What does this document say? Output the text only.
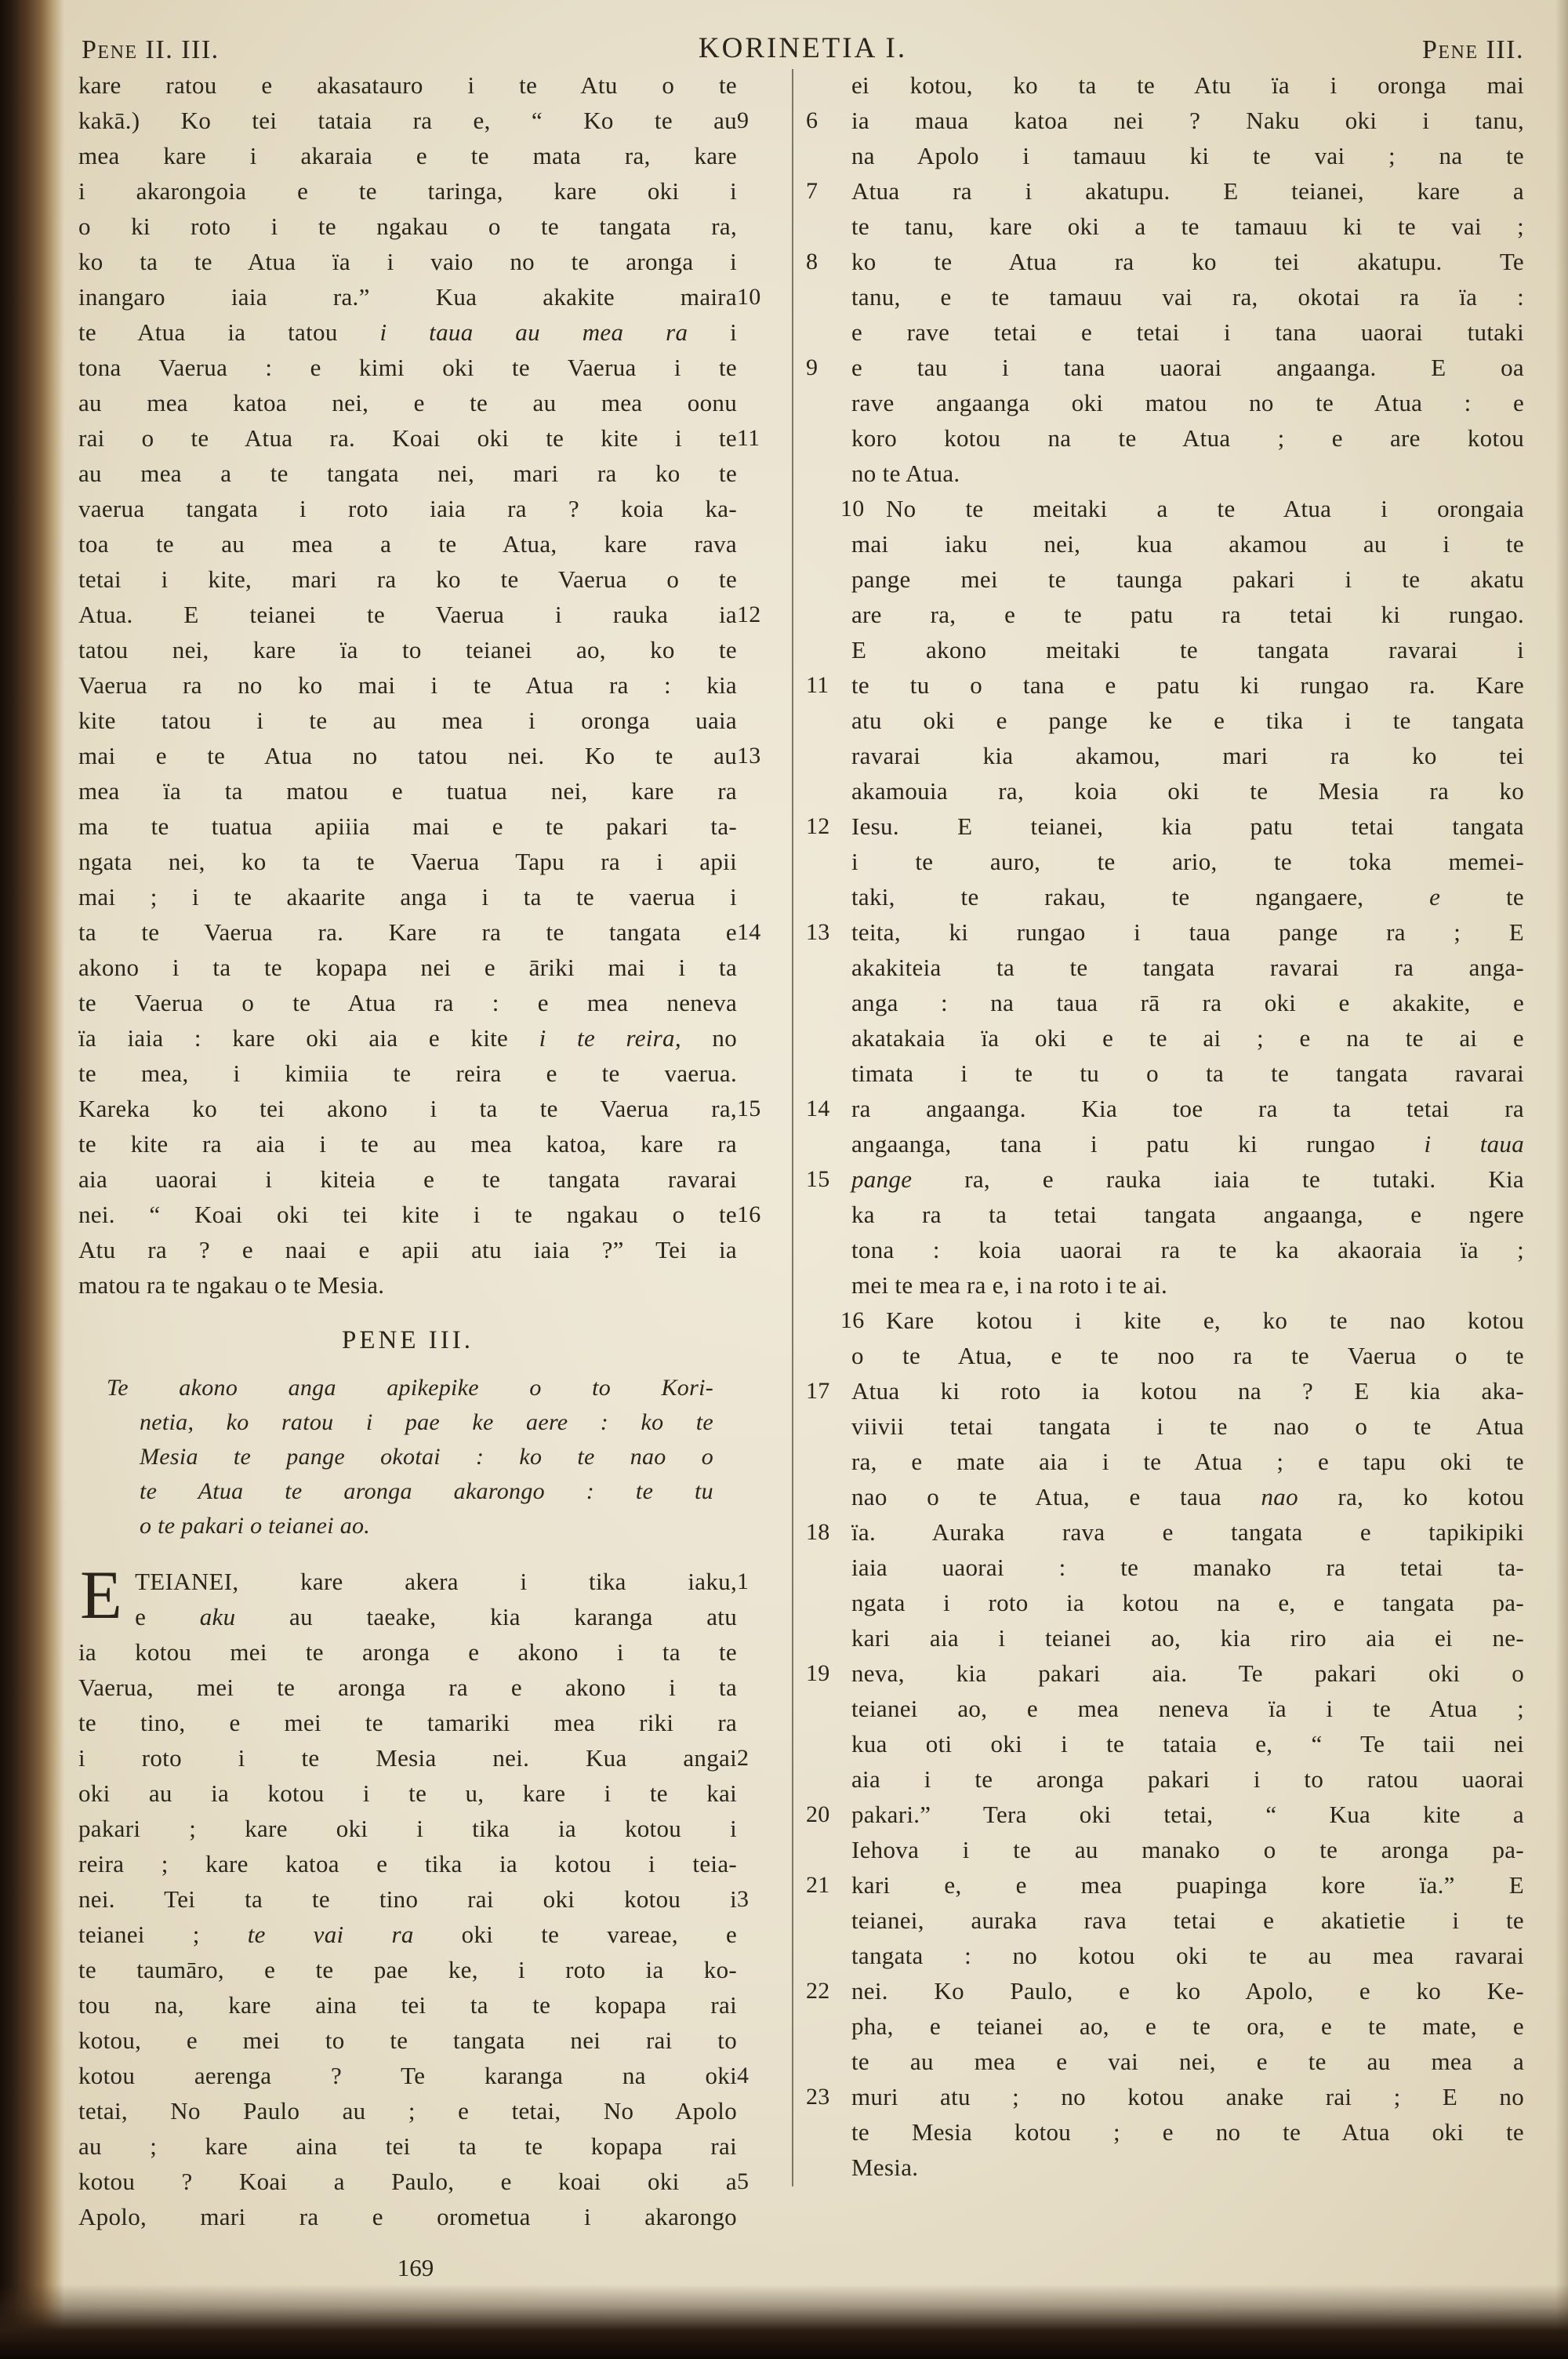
Pene II. III.	KORINETIA I.	Pene III.
kare ratou e akasatauro i te Atu o te
9
kakā.) Ko tei tataia ra e, “ Ko te au
mea kare i akaraia e te mata ra, kare
i akarongoia e te taringa, kare oki i
o ki roto i te ngakau o te tangata ra,
ko ta te Atua ïa i vaio no te aronga i
10
inangaro iaia ra.” Kua akakite maira
te Atua ia tatou i taua au mea ra i
tona Vaerua : e kimi oki te Vaerua i te
au mea katoa nei, e te au mea oonu
11
rai o te Atua ra. Koai oki te kite i te
au mea a te tangata nei, mari ra ko te
vaerua tangata i roto iaia ra ? koia ka-
toa te au mea a te Atua, kare rava
tetai i kite, mari ra ko te Vaerua o te
12
Atua. E teianei te Vaerua i rauka ia
tatou nei, kare ïa to teianei ao, ko te
Vaerua ra no ko mai i te Atua ra : kia
kite tatou i te au mea i oronga uaia
13
mai e te Atua no tatou nei. Ko te au
mea ïa ta matou e tuatua nei, kare ra
ma te tuatua apiiia mai e te pakari ta-
ngata nei, ko ta te Vaerua Tapu ra i apii
mai ; i te akaarite anga i ta te vaerua i
14
ta te Vaerua ra. Kare ra te tangata e
akono i ta te kopapa nei e āriki mai i ta
te Vaerua o te Atua ra : e mea neneva
ïa iaia : kare oki aia e kite i te reira, no
te mea, i kimiia te reira e te vaerua.
15
Kareka ko tei akono i ta te Vaerua ra,
te kite ra aia i te au mea katoa, kare ra
aia uaorai i kiteia e te tangata ravarai
16
nei. “ Koai oki tei kite i te ngakau o te
Atu ra ? e naai e apii atu iaia ?” Tei ia
matou ra te ngakau o te Mesia.
PENE III.
Te akono anga apikepike o to Kori-
netia, ko ratou i pae ke aere : ko te
Mesia te pange okotai : ko te nao o
te Atua te aronga akarongo : te tu
o te pakari o teianei ao.
E	1
TEIANEI, kare akera i tika iaku,
e aku au taeake, kia karanga atu
ia kotou mei te aronga e akono i ta te
Vaerua, mei te aronga ra e akono i ta
te tino, e mei te tamariki mea riki ra
2
i roto i te Mesia nei. Kua angai
oki au ia kotou i te u, kare i te kai
pakari ; kare oki i tika ia kotou i
reira ; kare katoa e tika ia kotou i teia-
3
nei. Tei ta te tino rai oki kotou i
teianei ; te vai ra oki te vareae, e
te taumāro, e te pae ke, i roto ia ko-
tou na, kare aina tei ta te kopapa rai
kotou, e mei to te tangata nei rai to
4
kotou aerenga ? Te karanga na oki
tetai, No Paulo au ; e tetai, No Apolo
au ; kare aina tei ta te kopapa rai
5
kotou ? Koai a Paulo, e koai oki a
Apolo, mari ra e orometua i akarongo
ei kotou, ko ta te Atu ïa i oronga mai
6	ia maua katoa nei ? Naku oki i tanu,
na Apolo i tamauu ki te vai ; na te
7	Atua ra i akatupu. E teianei, kare a
te tanu, kare oki a te tamauu ki te vai ;
8	ko te Atua ra ko tei akatupu. Te
tanu, e te tamauu vai ra, okotai ra ïa :
e rave tetai e tetai i tana uaorai tutaki
9	e tau i tana uaorai angaanga. E oa
rave angaanga oki matou no te Atua : e
koro kotou na te Atua ; e are kotou
no te Atua.
10 No te meitaki a te Atua i orongaia
mai iaku nei, kua akamou au i te
pange mei te taunga pakari i te akatu
are ra, e te patu ra tetai ki rungao.
E akono meitaki te tangata ravarai i
11 te tu o tana e patu ki rungao ra. Kare
atu oki e pange ke e tika i te tangata
ravarai kia akamou, mari ra ko tei
akamouia ra, koia oki te Mesia ra ko
12 Iesu. E teianei, kia patu tetai tangata
i te auro, te ario, te toka memei-
taki, te rakau, te ngangaere, e te
13 teita, ki rungao i taua pange ra ; E
akakiteia ta te tangata ravarai ra anga-
anga : na taua rā ra oki e akakite, e
akatakaia ïa oki e te ai ; e na te ai e
timata i te tu o ta te tangata ravarai
14 ra angaanga. Kia toe ra ta tetai ra
angaanga, tana i patu ki rungao i taua
15 pange ra, e rauka iaia te tutaki. Kia
ka ra ta tetai tangata angaanga, e ngere
tona : koia uaorai ra te ka akaoraia ïa ;
mei te mea ra e, i na roto i te ai.
16 Kare kotou i kite e, ko te nao kotou
o te Atua, e te noo ra te Vaerua o te
17 Atua ki roto ia kotou na ? E kia aka-
viivii tetai tangata i te nao o te Atua
ra, e mate aia i te Atua ; e tapu oki te
nao o te Atua, e taua nao ra, ko kotou
18 ïa. Auraka rava e tangata e tapikipiki
iaia uaorai : te manako ra tetai ta-
ngata i roto ia kotou na e, e tangata pa-
kari aia i teianei ao, kia riro aia ei ne-
19 neva, kia pakari aia. Te pakari oki o
teianei ao, e mea neneva ïa i te Atua ;
kua oti oki i te tataia e, “ Te taii nei
aia i te aronga pakari i to ratou uaorai
20 pakari.” Tera oki tetai, “ Kua kite a
Iehova i te au manako o te aronga pa-
21 kari e, e mea puapinga kore ïa.” E
teianei, auraka rava tetai e akatietie i te
tangata : no kotou oki te au mea ravarai
22 nei. Ko Paulo, e ko Apolo, e ko Ke-
pha, e teianei ao, e te ora, e te mate, e
te au mea e vai nei, e te au mea a
23 muri atu ; no kotou anake rai ; E no
te Mesia kotou ; e no te Atua oki te
Mesia.
169
